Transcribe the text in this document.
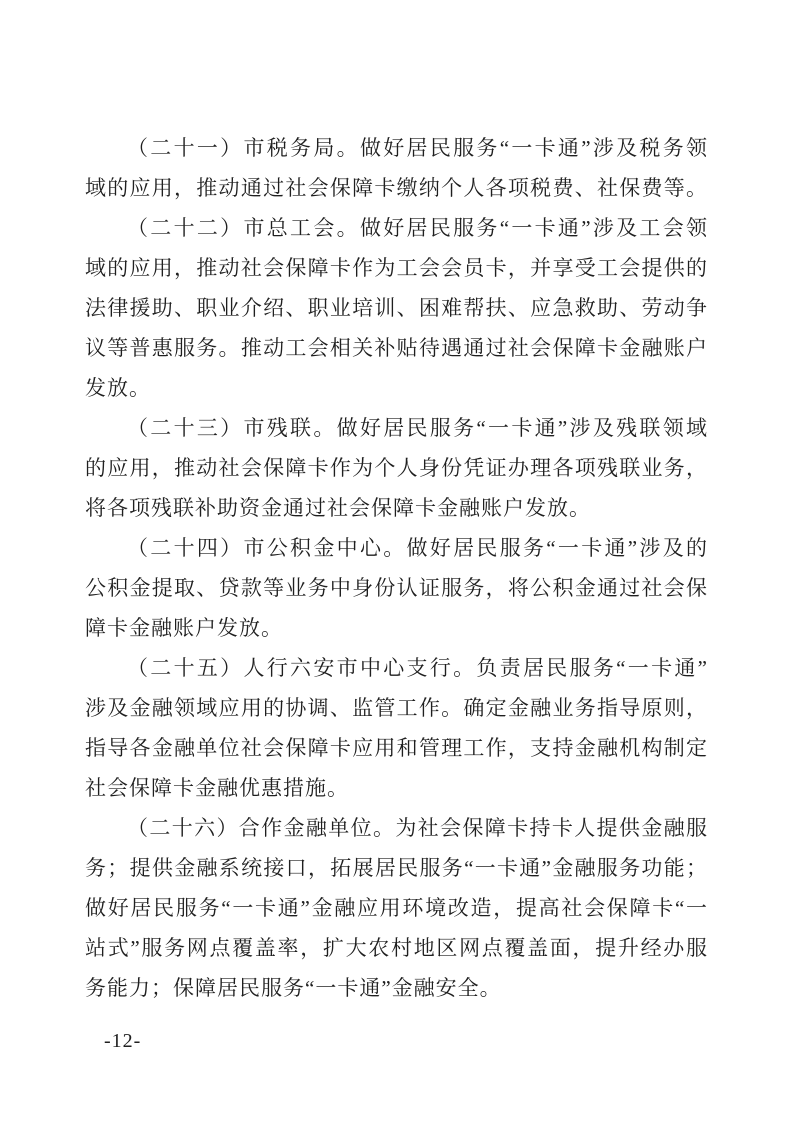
（二十一）市税务局。做好居民服务“一卡通”涉及税务领
域的应用，推动通过社会保障卡缴纳个人各项税费、社保费等。
（二十二）市总工会。做好居民服务“一卡通”涉及工会领
域的应用，推动社会保障卡作为工会会员卡，并享受工会提供的
法律援助、职业介绍、职业培训、困难帮扶、应急救助、劳动争
议等普惠服务。推动工会相关补贴待遇通过社会保障卡金融账户
发放。
（二十三）市残联。做好居民服务“一卡通”涉及残联领域
的应用，推动社会保障卡作为个人身份凭证办理各项残联业务，
将各项残联补助资金通过社会保障卡金融账户发放。
（二十四）市公积金中心。做好居民服务“一卡通”涉及的
公积金提取、贷款等业务中身份认证服务，将公积金通过社会保
障卡金融账户发放。
（二十五）人行六安市中心支行。负责居民服务“一卡通”
涉及金融领域应用的协调、监管工作。确定金融业务指导原则，
指导各金融单位社会保障卡应用和管理工作，支持金融机构制定
社会保障卡金融优惠措施。
（二十六）合作金融单位。为社会保障卡持卡人提供金融服
务；提供金融系统接口，拓展居民服务“一卡通”金融服务功能；
做好居民服务“一卡通”金融应用环境改造，提高社会保障卡“一
站式”服务网点覆盖率，扩大农村地区网点覆盖面，提升经办服
务能力；保障居民服务“一卡通”金融安全。
-12-
